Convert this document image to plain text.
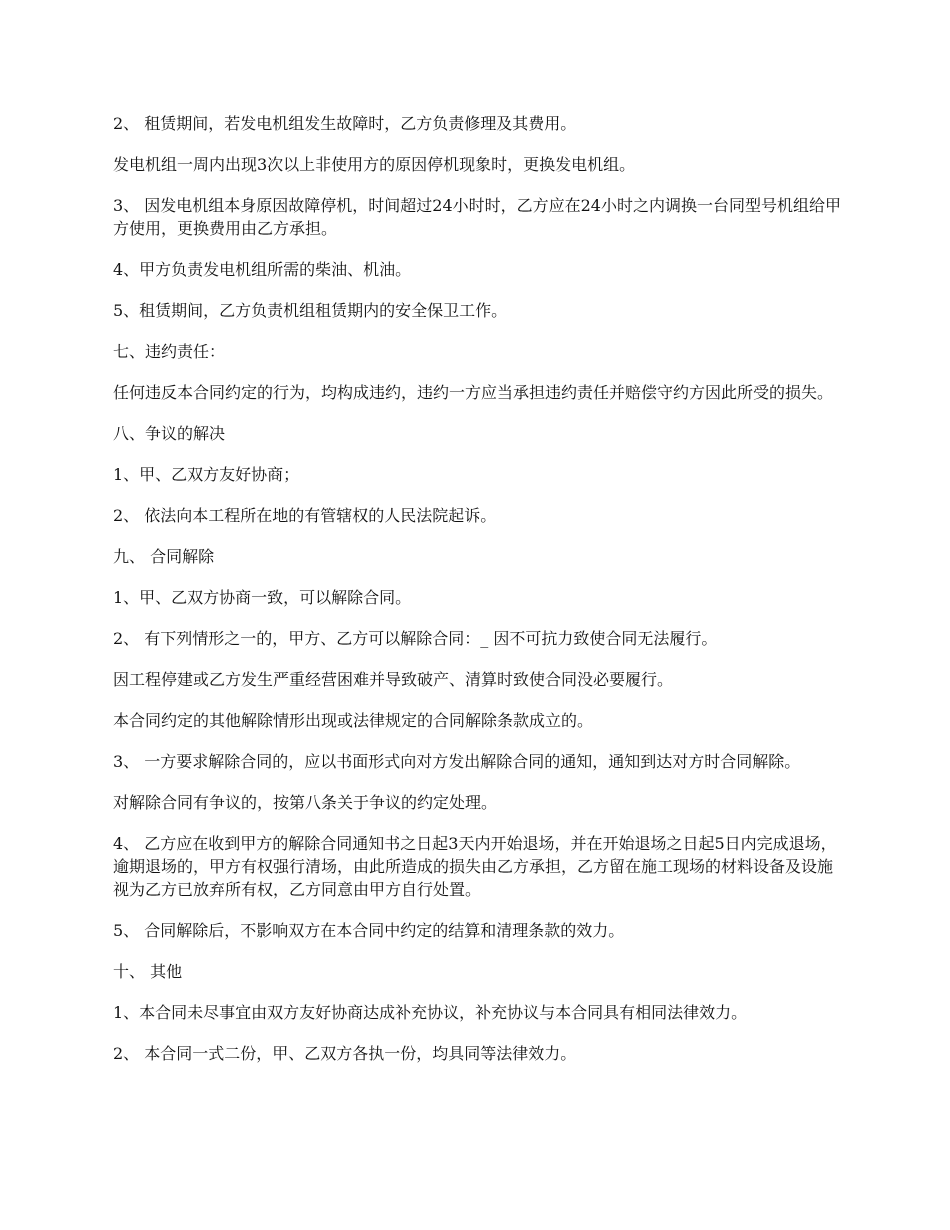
2、 租赁期间，若发电机组发生故障时，乙方负责修理及其费用。

发电机组一周内出现3次以上非使用方的原因停机现象时，更换发电机组。

3、 因发电机组本身原因故障停机，时间超过24小时时，乙方应在24小时之内调换一台同型号机组给甲方使用，更换费用由乙方承担。

4、甲方负责发电机组所需的柴油、机油。

5、租赁期间，乙方负责机组租赁期内的安全保卫工作。

七、违约责任：

任何违反本合同约定的行为，均构成违约，违约一方应当承担违约责任并赔偿守约方因此所受的损失。

八、争议的解决

1、甲、乙双方友好协商；

2、 依法向本工程所在地的有管辖权的人民法院起诉。

九、 合同解除

1、甲、乙双方协商一致，可以解除合同。

2、 有下列情形之一的，甲方、乙方可以解除合同：_ 因不可抗力致使合同无法履行。

因工程停建或乙方发生严重经营困难并导致破产、清算时致使合同没必要履行。

本合同约定的其他解除情形出现或法律规定的合同解除条款成立的。

3、 一方要求解除合同的，应以书面形式向对方发出解除合同的通知，通知到达对方时合同解除。

对解除合同有争议的，按第八条关于争议的约定处理。

4、 乙方应在收到甲方的解除合同通知书之日起3天内开始退场，并在开始退场之日起5日内完成退场，逾期退场的，甲方有权强行清场，由此所造成的损失由乙方承担，乙方留在施工现场的材料设备及设施视为乙方已放弃所有权，乙方同意由甲方自行处置。

5、 合同解除后，不影响双方在本合同中约定的结算和清理条款的效力。

十、 其他

1、本合同未尽事宜由双方友好协商达成补充协议，补充协议与本合同具有相同法律效力。

2、 本合同一式二份，甲、乙双方各执一份，均具同等法律效力。
